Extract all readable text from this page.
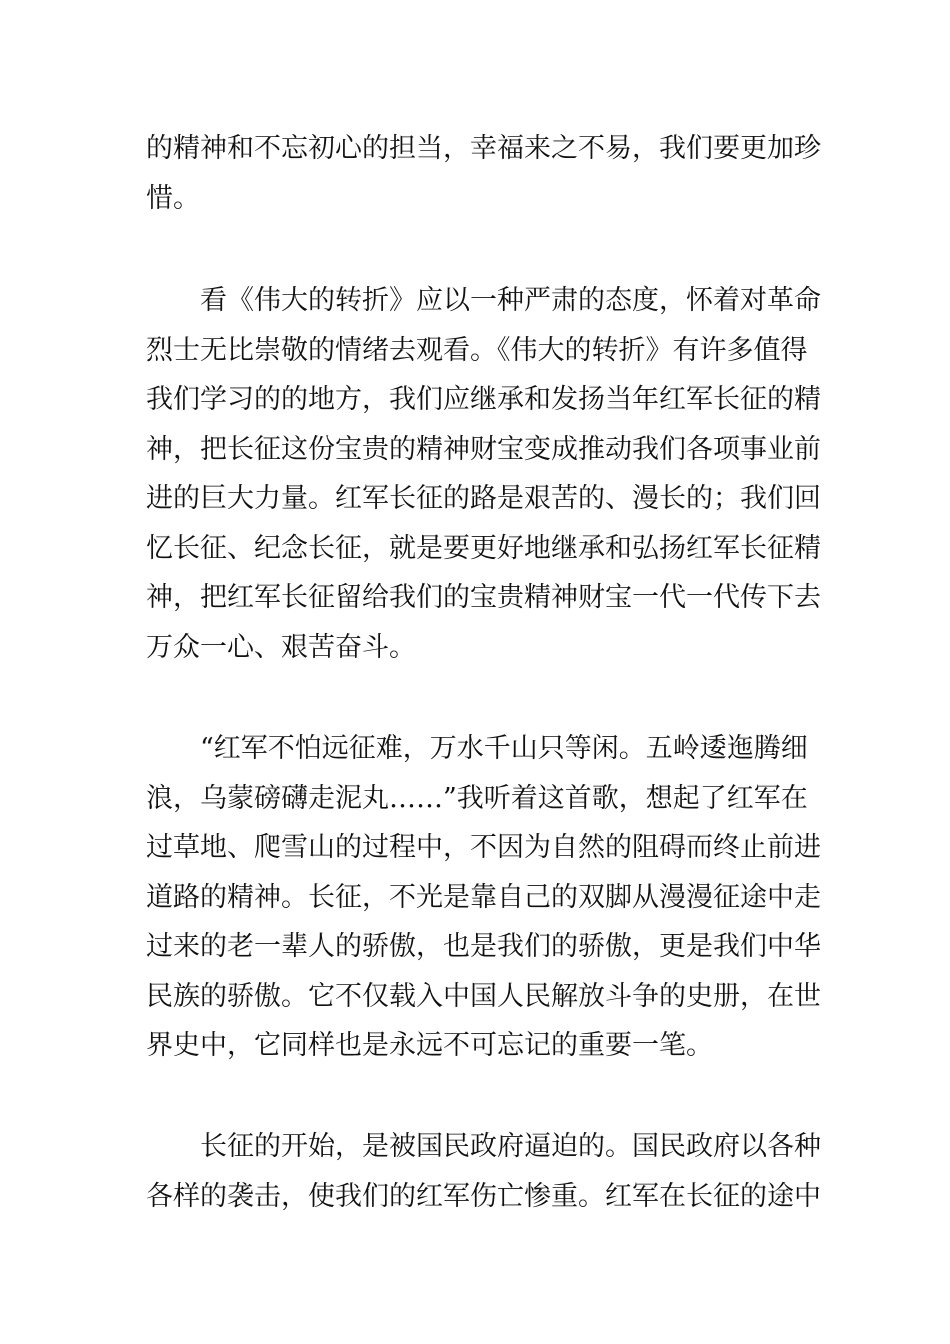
的精神和不忘初心的担当，幸福来之不易，我们要更加珍
惜。
看《伟大的转折》应以一种严肃的态度，怀着对革命
烈士无比崇敬的情绪去观看。《伟大的转折》有许多值得
我们学习的的地方，我们应继承和发扬当年红军长征的精
神，把长征这份宝贵的精神财宝变成推动我们各项事业前
进的巨大力量。红军长征的路是艰苦的、漫长的；我们回
忆长征、纪念长征，就是要更好地继承和弘扬红军长征精
神，把红军长征留给我们的宝贵精神财宝一代一代传下去
万众一心、艰苦奋斗。
“红军不怕远征难，万水千山只等闲。五岭逶迤腾细
浪，乌蒙磅礴走泥丸……”我听着这首歌，想起了红军在
过草地、爬雪山的过程中，不因为自然的阻碍而终止前进
道路的精神。长征，不光是靠自己的双脚从漫漫征途中走
过来的老一辈人的骄傲，也是我们的骄傲，更是我们中华
民族的骄傲。它不仅载入中国人民解放斗争的史册，在世
界史中，它同样也是永远不可忘记的重要一笔。
长征的开始，是被国民政府逼迫的。国民政府以各种
各样的袭击，使我们的红军伤亡惨重。红军在长征的途中
